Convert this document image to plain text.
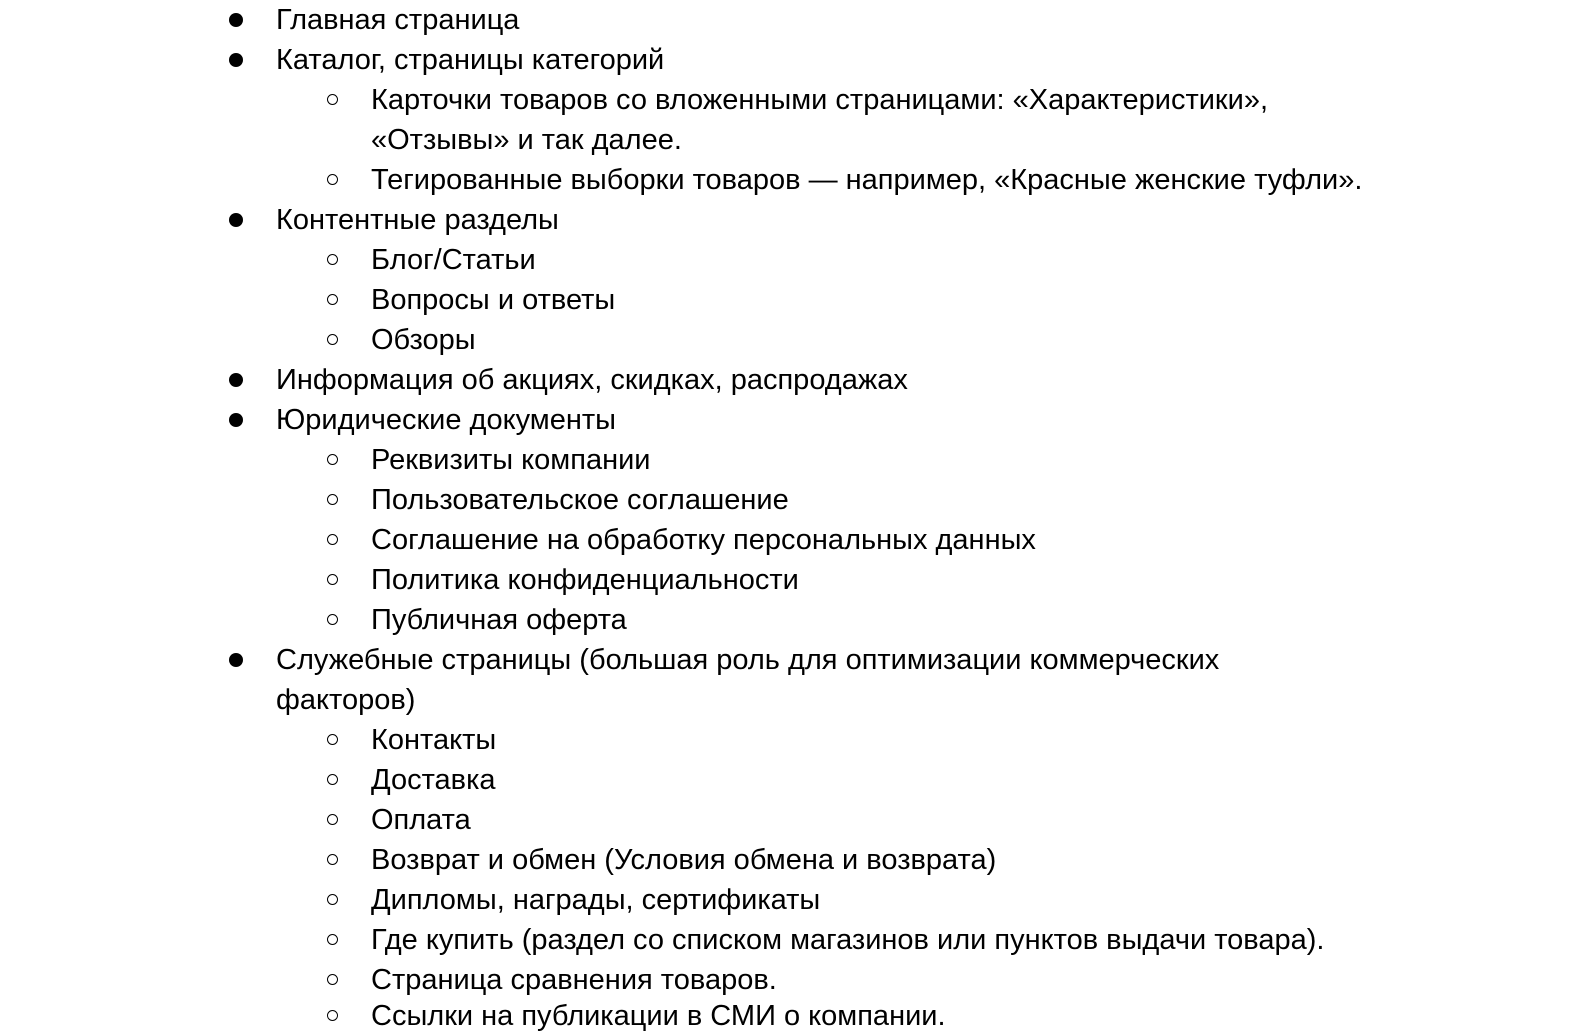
Главная страница
Каталог, страницы категорий
Карточки товаров со вложенными страницами: «Характеристики»,
«Отзывы» и так далее.
Тегированные выборки товаров — например, «Красные женские туфли».
Контентные разделы
Блог/Статьи
Вопросы и ответы
Обзоры
Информация об акциях, скидках, распродажах
Юридические документы
Реквизиты компании
Пользовательское соглашение
Соглашение на обработку персональных данных
Политика конфиденциальности
Публичная оферта
Служебные страницы (большая роль для оптимизации коммерческих
факторов)
Контакты
Доставка
Оплата
Возврат и обмен (Условия обмена и возврата)
Дипломы, награды, сертификаты
Где купить (раздел со списком магазинов или пунктов выдачи товара).
Страница сравнения товаров.
Ссылки на публикации в СМИ о компании.
